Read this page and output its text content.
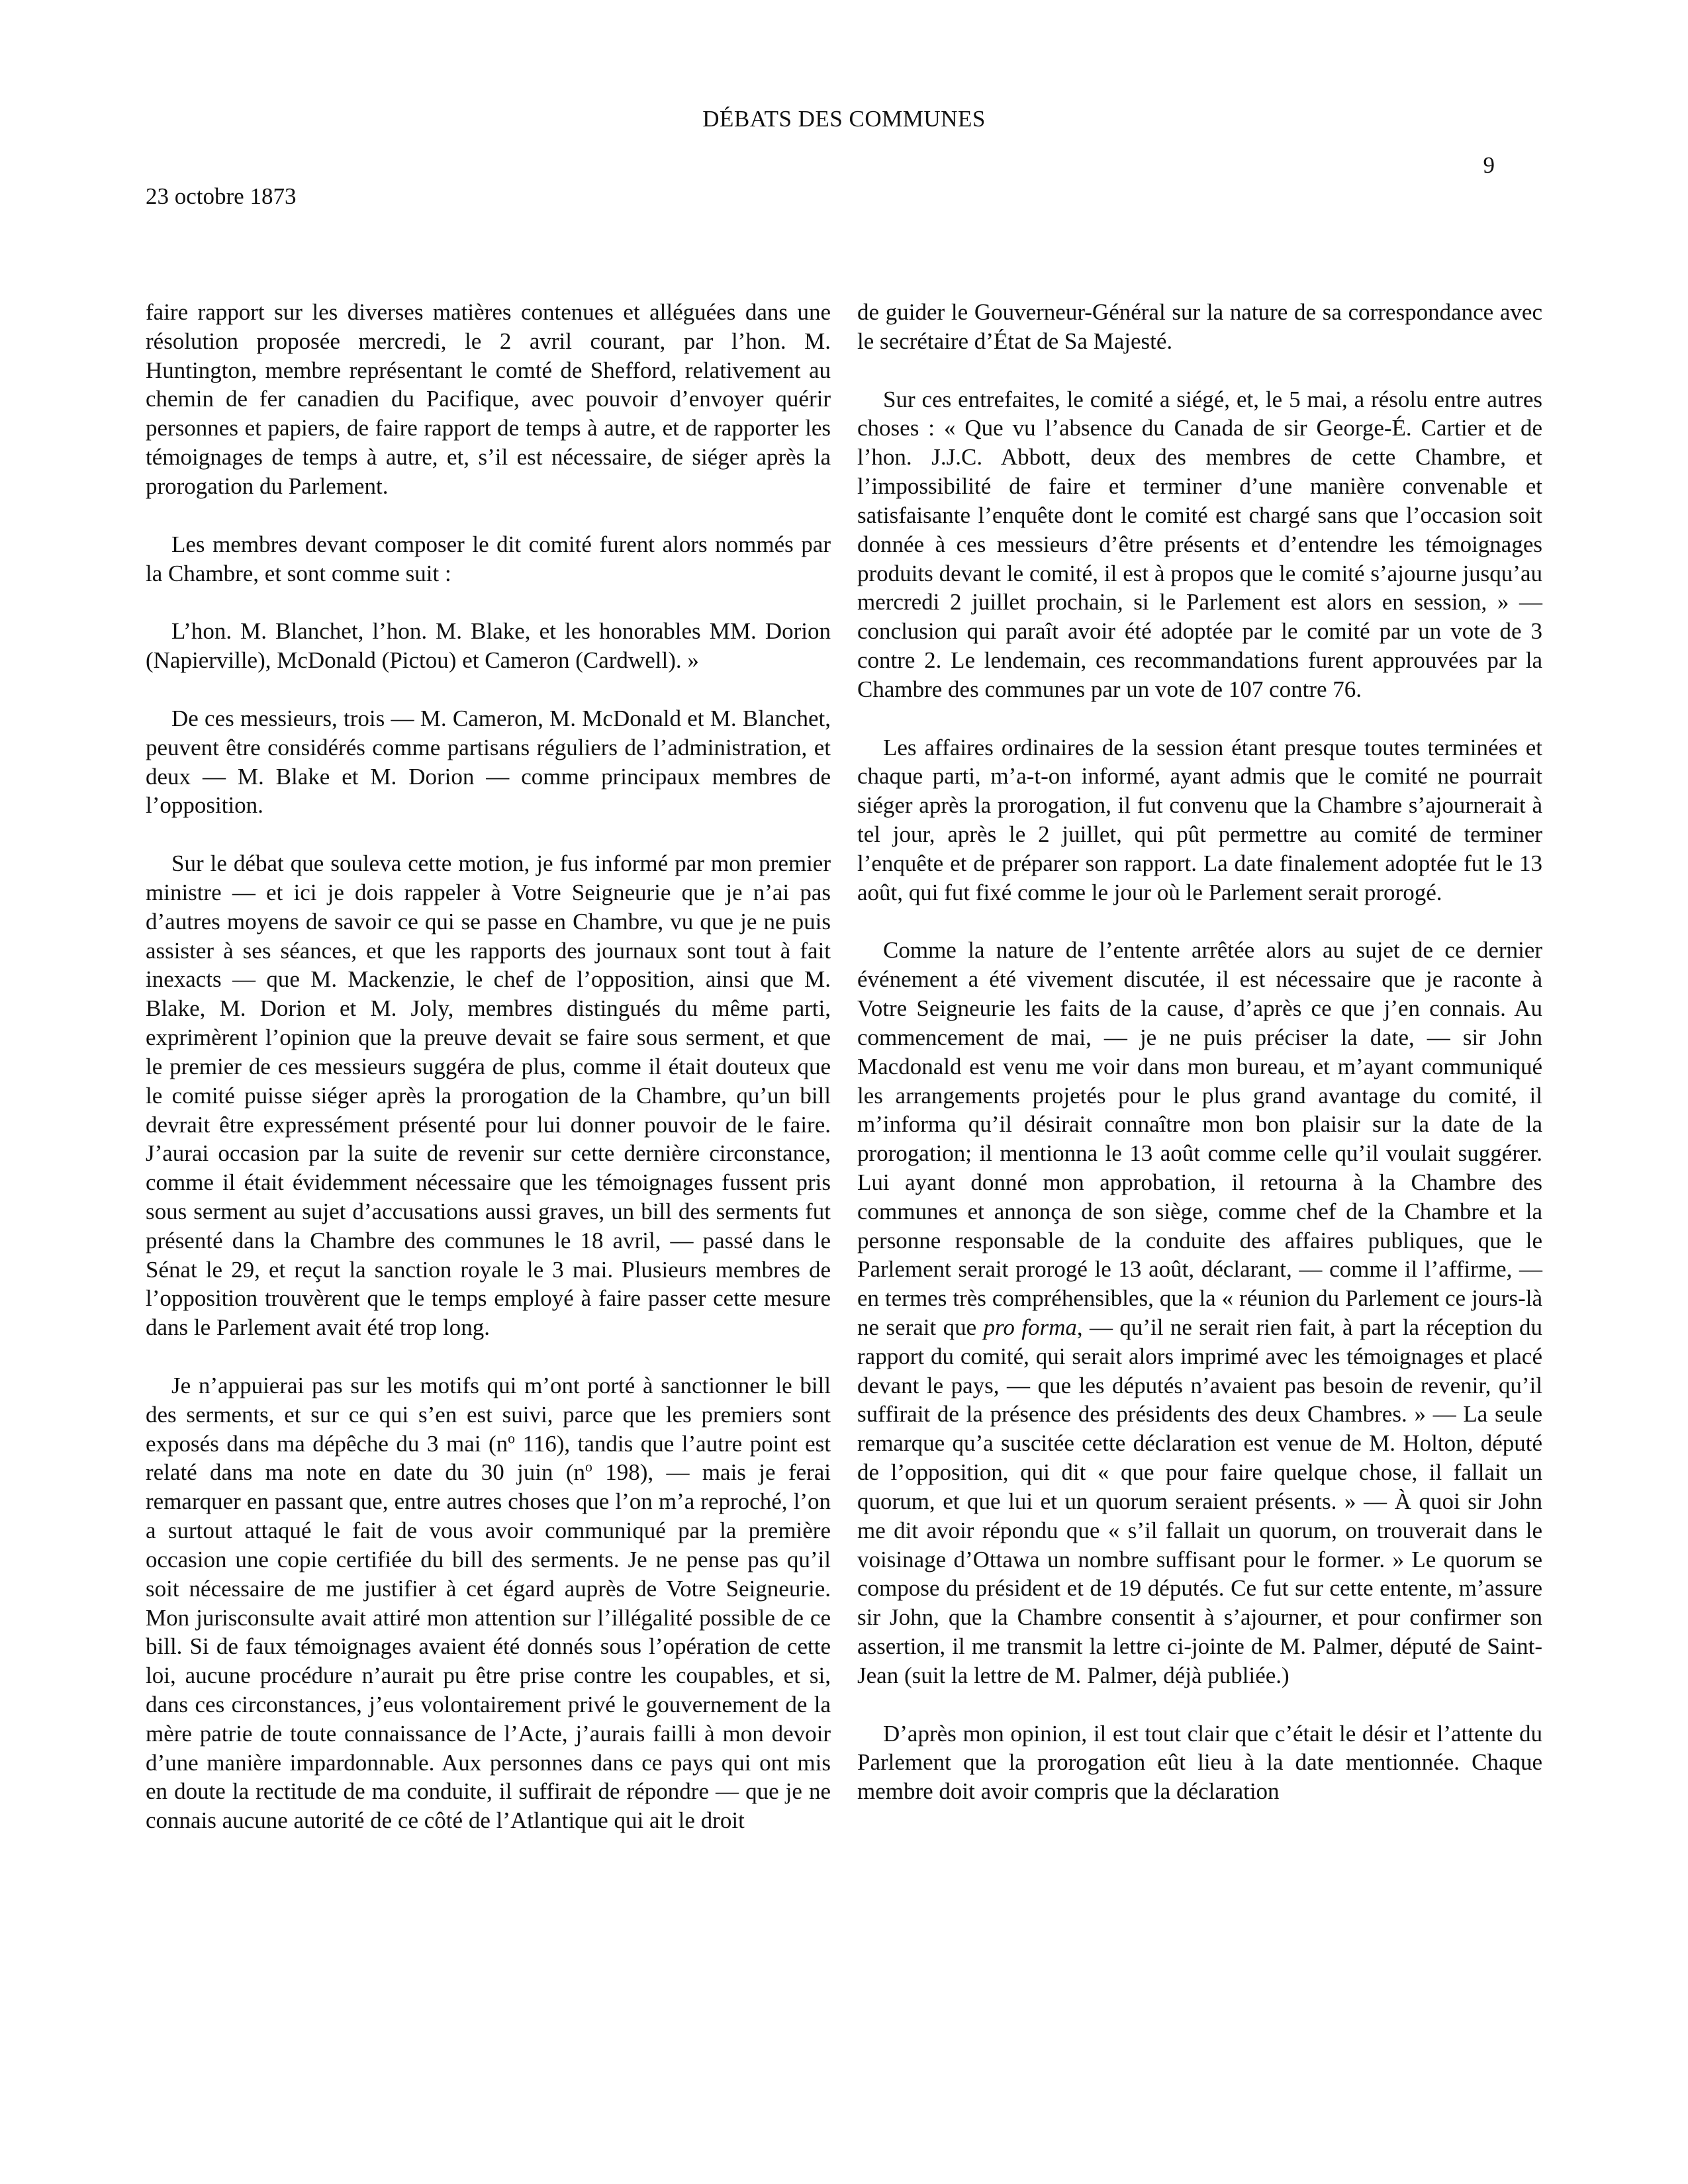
DÉBATS DES COMMUNES
9
23 octobre 1873

faire rapport sur les diverses matières contenues et alléguées dans une résolution proposée mercredi, le 2 avril courant, par l’hon. M. Huntington, membre représentant le comté de Shefford, relativement au chemin de fer canadien du Pacifique, avec pouvoir d’envoyer quérir personnes et papiers, de faire rapport de temps à autre, et de rapporter les témoignages de temps à autre, et, s’il est nécessaire, de siéger après la prorogation du Parlement.

Les membres devant composer le dit comité furent alors nommés par la Chambre, et sont comme suit :

L’hon. M. Blanchet, l’hon. M. Blake, et les honorables MM. Dorion (Napierville), McDonald (Pictou) et Cameron (Cardwell). »

De ces messieurs, trois — M. Cameron, M. McDonald et M. Blanchet, peuvent être considérés comme partisans réguliers de l’administration, et deux — M. Blake et M. Dorion — comme principaux membres de l’opposition.

Sur le débat que souleva cette motion, je fus informé par mon premier ministre — et ici je dois rappeler à Votre Seigneurie que je n’ai pas d’autres moyens de savoir ce qui se passe en Chambre, vu que je ne puis assister à ses séances, et que les rapports des journaux sont tout à fait inexacts — que M. Mackenzie, le chef de l’opposition, ainsi que M. Blake, M. Dorion et M. Joly, membres distingués du même parti, exprimèrent l’opinion que la preuve devait se faire sous serment, et que le premier de ces messieurs suggéra de plus, comme il était douteux que le comité puisse siéger après la prorogation de la Chambre, qu’un bill devrait être expressément présenté pour lui donner pouvoir de le faire. J’aurai occasion par la suite de revenir sur cette dernière circonstance, comme il était évidemment nécessaire que les témoignages fussent pris sous serment au sujet d’accusations aussi graves, un bill des serments fut présenté dans la Chambre des communes le 18 avril, — passé dans le Sénat le 29, et reçut la sanction royale le 3 mai. Plusieurs membres de l’opposition trouvèrent que le temps employé à faire passer cette mesure dans le Parlement avait été trop long.

Je n’appuierai pas sur les motifs qui m’ont porté à sanctionner le bill des serments, et sur ce qui s’en est suivi, parce que les premiers sont exposés dans ma dépêche du 3 mai ($n^o$ 116), tandis que l’autre point est relaté dans ma note en date du 30 juin ($n^o$ 198), — mais je ferai remarquer en passant que, entre autres choses que l’on m’a reproché, l’on a surtout attaqué le fait de vous avoir communiqué par la première occasion une copie certifiée du bill des serments. Je ne pense pas qu’il soit nécessaire de me justifier à cet égard auprès de Votre Seigneurie. Mon jurisconsulte avait attiré mon attention sur l’illégalité possible de ce bill. Si de faux témoignages avaient été donnés sous l’opération de cette loi, aucune procédure n’aurait pu être prise contre les coupables, et si, dans ces circonstances, j’eus volontairement privé le gouvernement de la mère patrie de toute connaissance de l’Acte, j’aurais failli à mon devoir d’une manière impardonnable. Aux personnes dans ce pays qui ont mis en doute la rectitude de ma conduite, il suffirait de répondre — que je ne connais aucune autorité de ce côté de l’Atlantique qui ait le droit

de guider le Gouverneur-Général sur la nature de sa correspondance avec le secrétaire d’État de Sa Majesté.

Sur ces entrefaites, le comité a siégé, et, le 5 mai, a résolu entre autres choses : « Que vu l’absence du Canada de sir George-É. Cartier et de l’hon. J.J.C. Abbott, deux des membres de cette Chambre, et l’impossibilité de faire et terminer d’une manière convenable et satisfaisante l’enquête dont le comité est chargé sans que l’occasion soit donnée à ces messieurs d’être présents et d’entendre les témoignages produits devant le comité, il est à propos que le comité s’ajourne jusqu’au mercredi 2 juillet prochain, si le Parlement est alors en session, » — conclusion qui paraît avoir été adoptée par le comité par un vote de 3 contre 2. Le lendemain, ces recommandations furent approuvées par la Chambre des communes par un vote de 107 contre 76.

Les affaires ordinaires de la session étant presque toutes terminées et chaque parti, m’a-t-on informé, ayant admis que le comité ne pourrait siéger après la prorogation, il fut convenu que la Chambre s’ajournerait à tel jour, après le 2 juillet, qui pût permettre au comité de terminer l’enquête et de préparer son rapport. La date finalement adoptée fut le 13 août, qui fut fixé comme le jour où le Parlement serait prorogé.

Comme la nature de l’entente arrêtée alors au sujet de ce dernier événement a été vivement discutée, il est nécessaire que je raconte à Votre Seigneurie les faits de la cause, d’après ce que j’en connais. Au commencement de mai, — je ne puis préciser la date, — sir John Macdonald est venu me voir dans mon bureau, et m’ayant communiqué les arrangements projetés pour le plus grand avantage du comité, il m’informa qu’il désirait connaître mon bon plaisir sur la date de la prorogation; il mentionna le 13 août comme celle qu’il voulait suggérer. Lui ayant donné mon approbation, il retourna à la Chambre des communes et annonça de son siège, comme chef de la Chambre et la personne responsable de la conduite des affaires publiques, que le Parlement serait prorogé le 13 août, déclarant, — comme il l’affirme, — en termes très compréhensibles, que la « réunion du Parlement ce jours-là ne serait que pro forma, — qu’il ne serait rien fait, à part la réception du rapport du comité, qui serait alors imprimé avec les témoignages et placé devant le pays, — que les députés n’avaient pas besoin de revenir, qu’il suffirait de la présence des présidents des deux Chambres. » — La seule remarque qu’a suscitée cette déclaration est venue de M. Holton, député de l’opposition, qui dit « que pour faire quelque chose, il fallait un quorum, et que lui et un quorum seraient présents. » — À quoi sir John me dit avoir répondu que « s’il fallait un quorum, on trouverait dans le voisinage d’Ottawa un nombre suffisant pour le former. » Le quorum se compose du président et de 19 députés. Ce fut sur cette entente, m’assure sir John, que la Chambre consentit à s’ajourner, et pour confirmer son assertion, il me transmit la lettre ci-jointe de M. Palmer, député de Saint-Jean (suit la lettre de M. Palmer, déjà publiée.)

D’après mon opinion, il est tout clair que c’était le désir et l’attente du Parlement que la prorogation eût lieu à la date mentionnée. Chaque membre doit avoir compris que la déclaration
